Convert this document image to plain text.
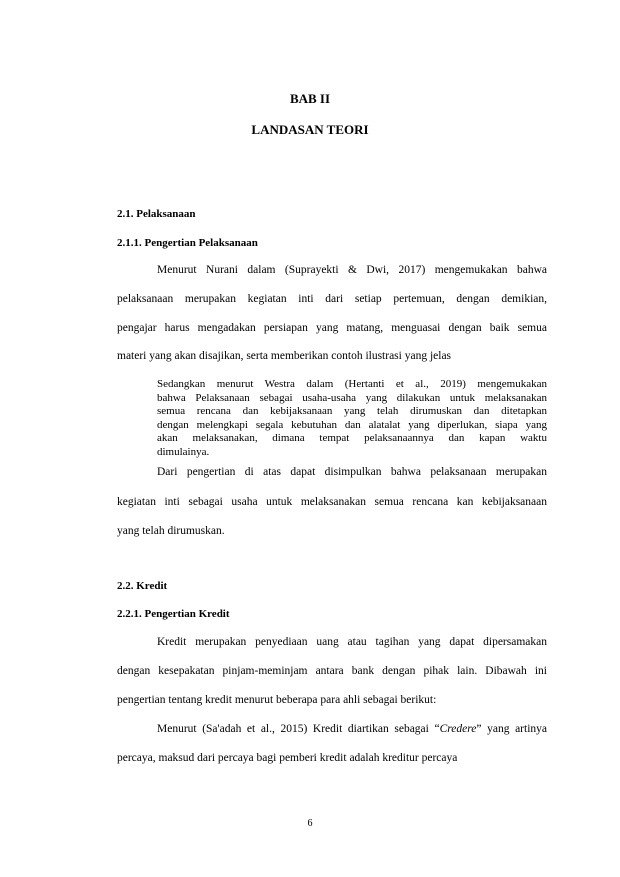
BAB II
LANDASAN TEORI
2.1. Pelaksanaan
2.1.1. Pengertian Pelaksanaan
Menurut Nurani dalam (Suprayekti & Dwi, 2017) mengemukakan bahwa
pelaksanaan merupakan kegiatan inti dari setiap pertemuan, dengan demikian,
pengajar harus mengadakan persiapan yang matang, menguasai dengan baik semua
materi yang akan disajikan, serta memberikan contoh ilustrasi yang jelas
Sedangkan menurut Westra dalam (Hertanti et al., 2019) mengemukakan
bahwa Pelaksanaan sebagai usaha-usaha yang dilakukan untuk melaksanakan
semua rencana dan kebijaksanaan yang telah dirumuskan dan ditetapkan
dengan melengkapi segala kebutuhan dan alatalat yang diperlukan, siapa yang
akan melaksanakan, dimana tempat pelaksanaannya dan kapan waktu
dimulainya.
Dari pengertian di atas dapat disimpulkan bahwa pelaksanaan merupakan
kegiatan inti sebagai usaha untuk melaksanakan semua rencana kan kebijaksanaan
yang telah dirumuskan.
2.2. Kredit
2.2.1. Pengertian Kredit
Kredit merupakan penyediaan uang atau tagihan yang dapat dipersamakan
dengan kesepakatan pinjam-meminjam antara bank dengan pihak lain. Dibawah ini
pengertian tentang kredit menurut beberapa para ahli sebagai berikut:
Menurut (Sa'adah et al., 2015) Kredit diartikan sebagai “Credere” yang artinya
percaya, maksud dari percaya bagi pemberi kredit adalah kreditur percaya
6
